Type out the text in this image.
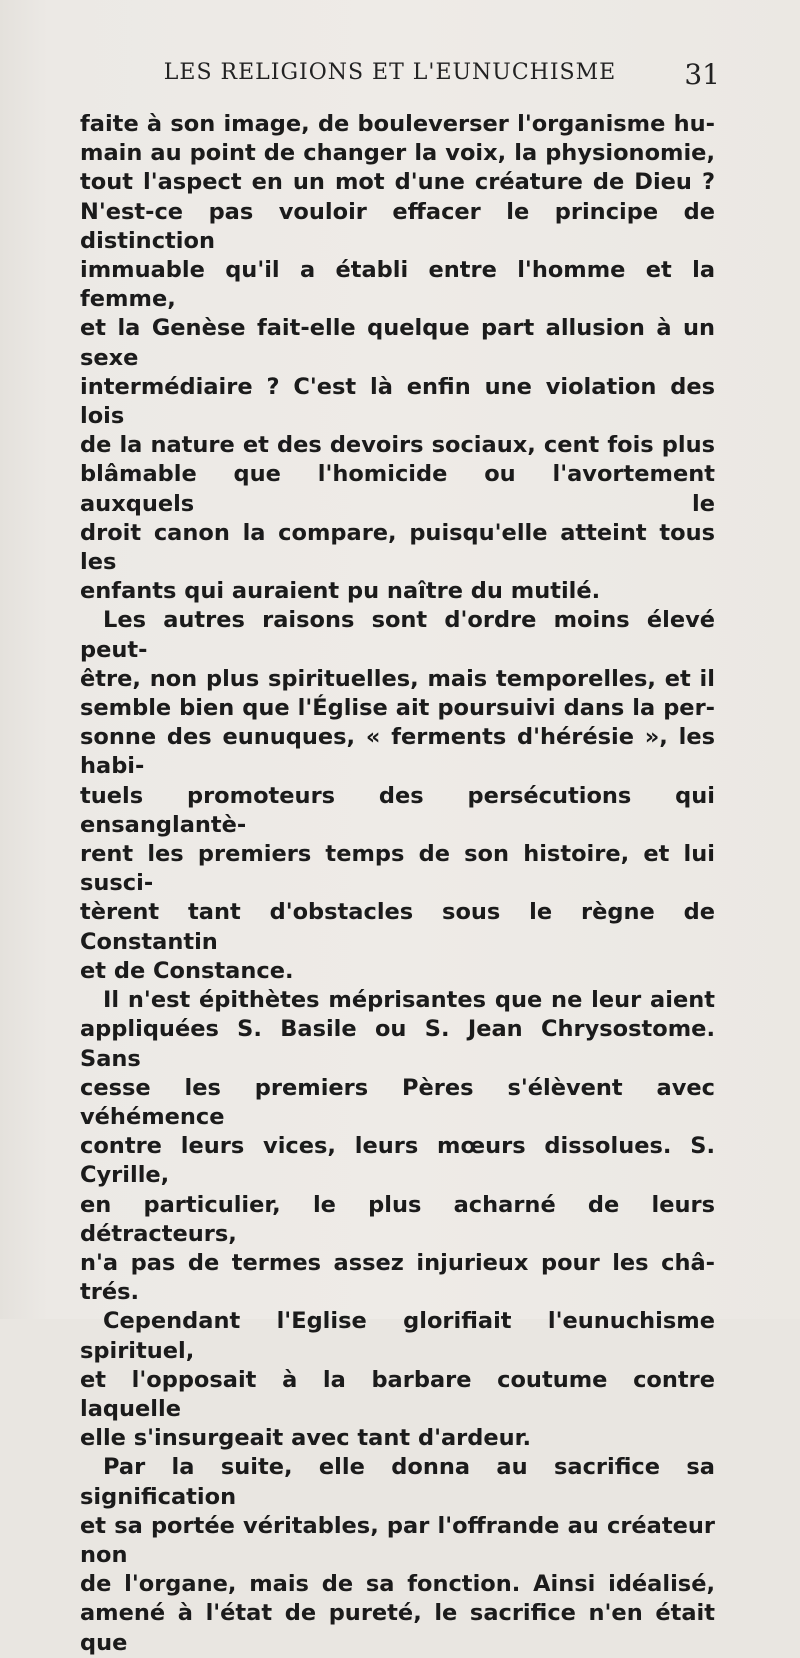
LES RELIGIONS ET L'EUNUCHISME	31

faite à son image, de bouleverser l'organisme hu-

main au point de changer la voix, la physionomie,

tout l'aspect en un mot d'une créature de Dieu ?

N'est-ce pas vouloir effacer le principe de distinction

immuable qu'il a établi entre l'homme et la femme,

et la Genèse fait-elle quelque part allusion à un sexe

intermédiaire ? C'est là enfin une violation des lois

de la nature et des devoirs sociaux, cent fois plus

blâmable que l'homicide ou l'avortement auxquels le

droit canon la compare, puisqu'elle atteint tous les

enfants qui auraient pu naître du mutilé.

Les autres raisons sont d'ordre moins élevé peut-

être, non plus spirituelles, mais temporelles, et il

semble bien que l'Église ait poursuivi dans la per-

sonne des eunuques, « ferments d'hérésie », les habi-

tuels promoteurs des persécutions qui ensanglantè-

rent les premiers temps de son histoire, et lui susci-

tèrent tant d'obstacles sous le règne de Constantin

et de Constance.

Il n'est épithètes méprisantes que ne leur aient

appliquées S. Basile ou S. Jean Chrysostome. Sans

cesse les premiers Pères s'élèvent avec véhémence

contre leurs vices, leurs mœurs dissolues. S. Cyrille,

en particulier, le plus acharné de leurs détracteurs,

n'a pas de termes assez injurieux pour les châ-

trés.

Cependant l'Eglise glorifiait l'eunuchisme spirituel,

et l'opposait à la barbare coutume contre laquelle

elle s'insurgeait avec tant d'ardeur.

Par la suite, elle donna au sacrifice sa signification

et sa portée véritables, par l'offrande au créateur non

de l'organe, mais de sa fonction. Ainsi idéalisé,

amené à l'état de pureté, le sacrifice n'en était que
